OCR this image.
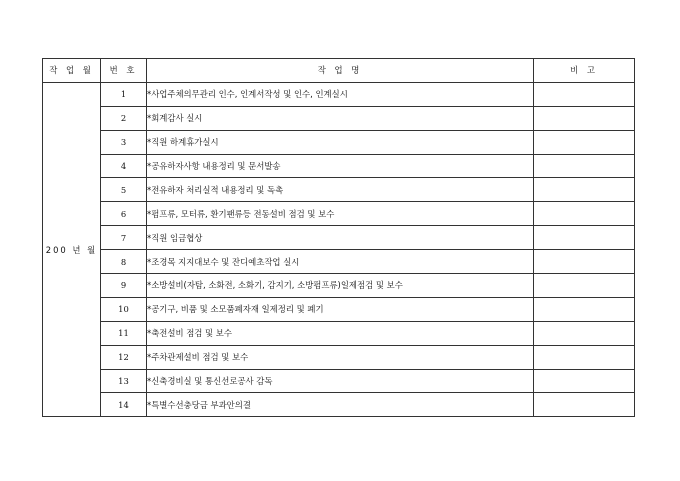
작 업 월	번 호	작 업 명	비 고
200 년 월	1	*사업주체의무관리 인수, 인계서작성 및 인수, 인계실시	
	2	*회계감사 실시	
	3	*직원 하계휴가실시	
	4	*공유하자사항 내용정리 및 문서발송	
	5	*전유하자 처리실적 내용정리 및 독촉	
	6	*펌프류, 모터류, 환기팬류등 전동설비 점검 및 보수	
	7	*직원 임금협상	
	8	*조경목 지지대보수 및 잔디예초작업 실시	
	9	*소방설비(자탐, 소화전, 소화기, 감지기, 소방펌프류)일제점검 및 보수	
	10	*공기구, 비품 및 소모품폐자재 일제정리 및 폐기	
	11	*축전설비 점검 및 보수	
	12	*주차관제설비 점검 및 보수	
	13	*신축경비실 및 통신선로공사 감독	
	14	*특별수선충당금 부과안의결	
